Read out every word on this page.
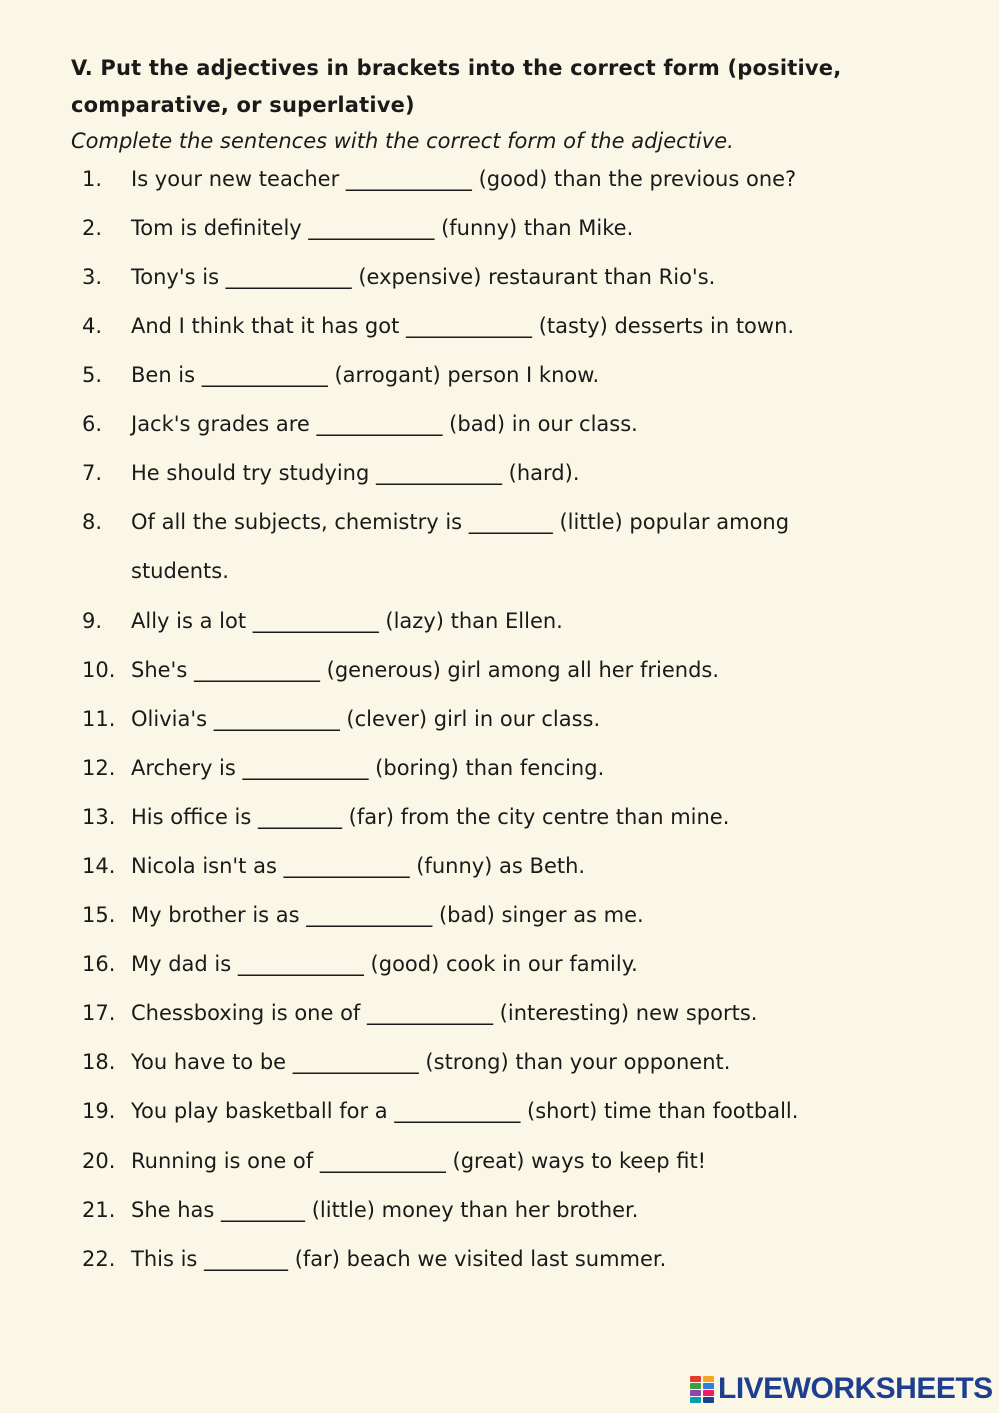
V. Put the adjectives in brackets into the correct form (positive, comparative, or superlative)
Complete the sentences with the correct form of the adjective.
1.	Is your new teacher ____________ (good) than the previous one?
2.	Tom is definitely ____________ (funny) than Mike.
3.	Tony's is ____________ (expensive) restaurant than Rio's.
4.	And I think that it has got ____________ (tasty) desserts in town.
5.	Ben is ____________ (arrogant) person I know.
6.	Jack's grades are ____________ (bad) in our class.
7.	He should try studying ____________ (hard).
8.	Of all the subjects, chemistry is ________ (little) popular among
students.
9.	Ally is a lot ____________ (lazy) than Ellen.
10. She's ____________ (generous) girl among all her friends.
11. Olivia's ____________ (clever) girl in our class.
12. Archery is ____________ (boring) than fencing.
13. His office is ________ (far) from the city centre than mine.
14. Nicola isn't as ____________ (funny) as Beth.
15. My brother is as ____________ (bad) singer as me.
16. My dad is ____________ (good) cook in our family.
17. Chessboxing is one of ____________ (interesting) new sports.
18. You have to be ____________ (strong) than your opponent.
19. You play basketball for a ____________ (short) time than football.
20. Running is one of ____________ (great) ways to keep fit!
21. She has ________ (little) money than her brother.
22. This is ________ (far) beach we visited last summer.
LIVEWORKSHEETS
